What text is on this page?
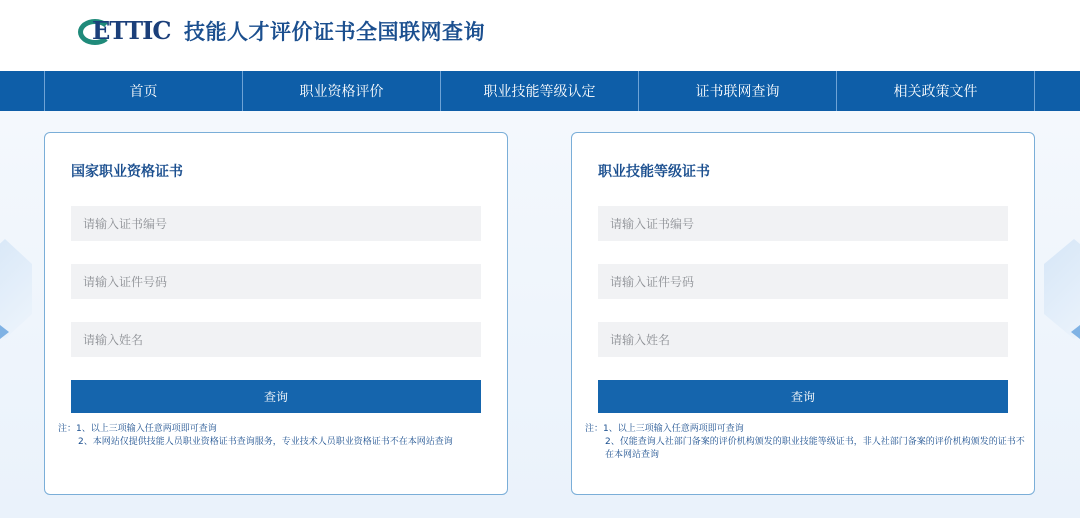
ETTIC 技能人才评价证书全国联网查询
首页	职业资格评价	职业技能等级认定	证书联网查询	相关政策文件
国家职业资格证书
请输入证书编号
请输入证件号码
请输入姓名
查询
注：1、以上三项输入任意两项即可查询
2、本网站仅提供技能人员职业资格证书查询服务，专业技术人员职业资格证书不在本网站查询
职业技能等级证书
请输入证书编号
请输入证件号码
请输入姓名
查询
注：1、以上三项输入任意两项即可查询
2、仅能查询人社部门备案的评价机构颁发的职业技能等级证书，非人社部门备案的评价机构颁发的证书不在本网站查询
